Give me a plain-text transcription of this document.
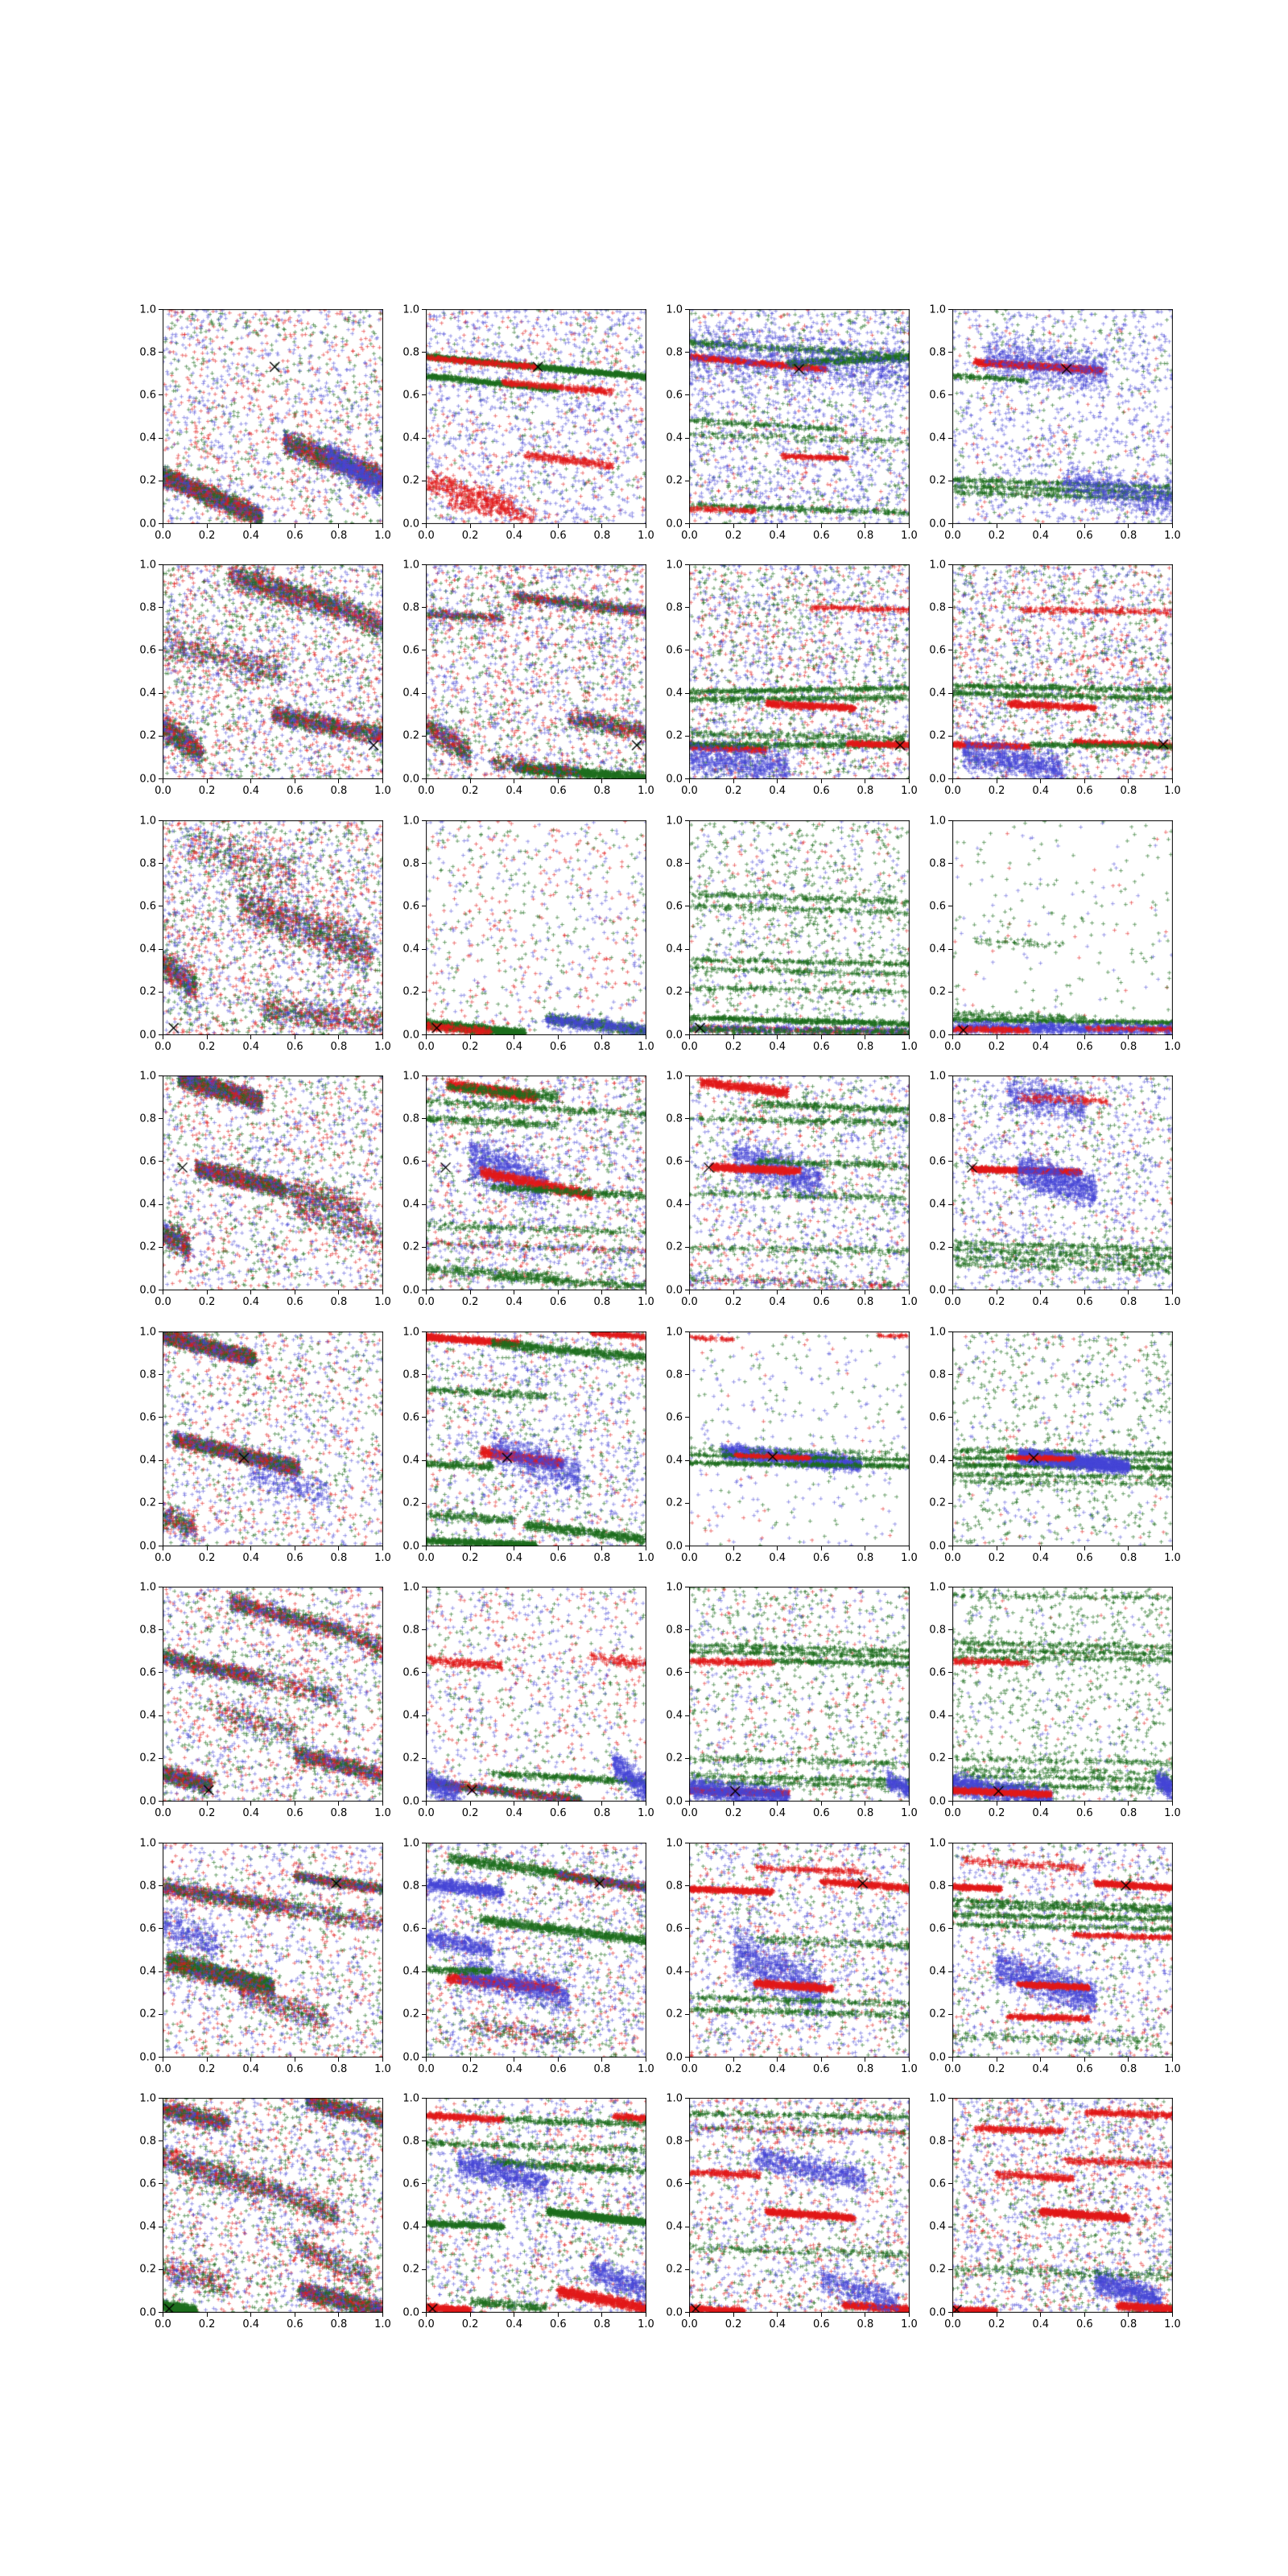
0.0
0.0
0.2
0.2
0.4
0.4
0.6
0.6
0.8
0.8
1.0
1.0
0.0
0.0
0.2
0.2
0.4
0.4
0.6
0.6
0.8
0.8
1.0
1.0
0.0
0.0
0.2
0.2
0.4
0.4
0.6
0.6
0.8
0.8
1.0
1.0
0.0
0.0
0.2
0.2
0.4
0.4
0.6
0.6
0.8
0.8
1.0
1.0
0.0
0.0
0.2
0.2
0.4
0.4
0.6
0.6
0.8
0.8
1.0
1.0
0.0
0.0
0.2
0.2
0.4
0.4
0.6
0.6
0.8
0.8
1.0
1.0
0.0
0.0
0.2
0.2
0.4
0.4
0.6
0.6
0.8
0.8
1.0
1.0
0.0
0.0
0.2
0.2
0.4
0.4
0.6
0.6
0.8
0.8
1.0
1.0
0.0
0.0
0.2
0.2
0.4
0.4
0.6
0.6
0.8
0.8
1.0
1.0
0.0
0.0
0.2
0.2
0.4
0.4
0.6
0.6
0.8
0.8
1.0
1.0
0.0
0.0
0.2
0.2
0.4
0.4
0.6
0.6
0.8
0.8
1.0
1.0
0.0
0.0
0.2
0.2
0.4
0.4
0.6
0.6
0.8
0.8
1.0
1.0
0.0
0.0
0.2
0.2
0.4
0.4
0.6
0.6
0.8
0.8
1.0
1.0
0.0
0.0
0.2
0.2
0.4
0.4
0.6
0.6
0.8
0.8
1.0
1.0
0.0
0.0
0.2
0.2
0.4
0.4
0.6
0.6
0.8
0.8
1.0
1.0
0.0
0.0
0.2
0.2
0.4
0.4
0.6
0.6
0.8
0.8
1.0
1.0
0.0
0.0
0.2
0.2
0.4
0.4
0.6
0.6
0.8
0.8
1.0
1.0
0.0
0.0
0.2
0.2
0.4
0.4
0.6
0.6
0.8
0.8
1.0
1.0
0.0
0.0
0.2
0.2
0.4
0.4
0.6
0.6
0.8
0.8
1.0
1.0
0.0
0.0
0.2
0.2
0.4
0.4
0.6
0.6
0.8
0.8
1.0
1.0
0.0
0.0
0.2
0.2
0.4
0.4
0.6
0.6
0.8
0.8
1.0
1.0
0.0
0.0
0.2
0.2
0.4
0.4
0.6
0.6
0.8
0.8
1.0
1.0
0.0
0.0
0.2
0.2
0.4
0.4
0.6
0.6
0.8
0.8
1.0
1.0
0.0
0.0
0.2
0.2
0.4
0.4
0.6
0.6
0.8
0.8
1.0
1.0
0.0
0.0
0.2
0.2
0.4
0.4
0.6
0.6
0.8
0.8
1.0
1.0
0.0
0.0
0.2
0.2
0.4
0.4
0.6
0.6
0.8
0.8
1.0
1.0
0.0
0.0
0.2
0.2
0.4
0.4
0.6
0.6
0.8
0.8
1.0
1.0
0.0
0.0
0.2
0.2
0.4
0.4
0.6
0.6
0.8
0.8
1.0
1.0
0.0
0.0
0.2
0.2
0.4
0.4
0.6
0.6
0.8
0.8
1.0
1.0
0.0
0.0
0.2
0.2
0.4
0.4
0.6
0.6
0.8
0.8
1.0
1.0
0.0
0.0
0.2
0.2
0.4
0.4
0.6
0.6
0.8
0.8
1.0
1.0
0.0
0.0
0.2
0.2
0.4
0.4
0.6
0.6
0.8
0.8
1.0
1.0
